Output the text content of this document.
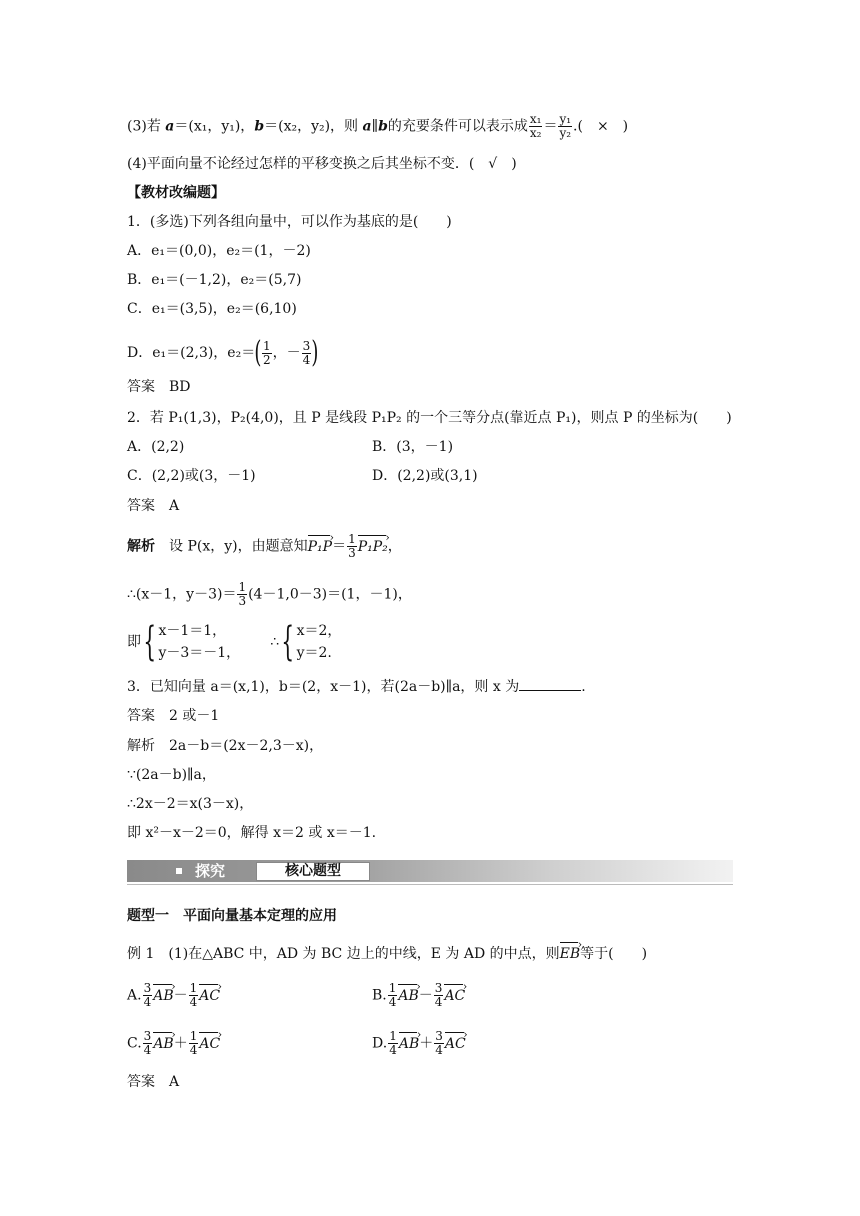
(3)若 a＝(x₁，y₁)，b＝(x₂，y₂)，则 a∥b的充要条件可以表示成 $\frac{\text{x₁}}{\text{x₂}} = \frac{\text{y₁}}{\text{y₂}}$ .(　×　)
(4)平面向量不论经过怎样的平移变换之后其坐标不变．(　√　)
【教材改编题】
1．(多选)下列各组向量中，可以作为基底的是(　　)
A．e₁＝(0,0)，e₂＝(1，－2)
B．e₁＝(－1,2)，e₂＝(5,7)
C．e₁＝(3,5)，e₂＝(6,10)
D．e₁＝(2,3)，$e_2=( \frac{1}{2}$ ，－ $\frac{3}{4}$ )
答案　BD
2．若 P₁(1,3)，P₂(4,0)，且 P 是线段 P₁P₂ 的一个三等分点(靠近点 P₁)，则点 P 的坐标为(　　)
A．(2,2)	B．(3，－1)
C．(2,2)或(3，－1)	D．(2,2)或(3,1)
答案　A
解析　设 P(x，y)，由题意知P₁P ›＝ $\frac{1}{3} P_1P_2$ ›，
∴(x－1，$y-3)= \frac{1}{3} (4-1,0-3)=(1$，－1)，
即{ x－1＝1，
y－3＝－1，
∴{ x＝2，
y＝2.
3．已知向量 a＝(x,1)，b＝(2，x－1)，若(2a－b)∥a，则 x 为	.
答案　2 或－1
解析　2a－b＝(2x－2,3－x)，
∵(2a－b)∥a，
∴2x－2＝x(3－x)，
即 x²－x－2＝0，解得 x＝2 或 x＝－1.
探究	核心题型
题型一　平面向量基本定理的应用
例 1　(1)在△ABC 中，AD 为 BC 边上的中线，E 为 AD 的中点，则EB ›等于(　　)
A. $\frac{3}{4}$ AB ›－ $\frac{1}{4}$ AC ›	B. $\frac{1}{4}$ AB ›－ $\frac{3}{4}$ AC ›
C. $\frac{3}{4}$ AB ›＋ $\frac{1}{4}$ AC ›	D. $\frac{1}{4}$ AB ›＋ $\frac{3}{4}$ AC ›
答案　A
